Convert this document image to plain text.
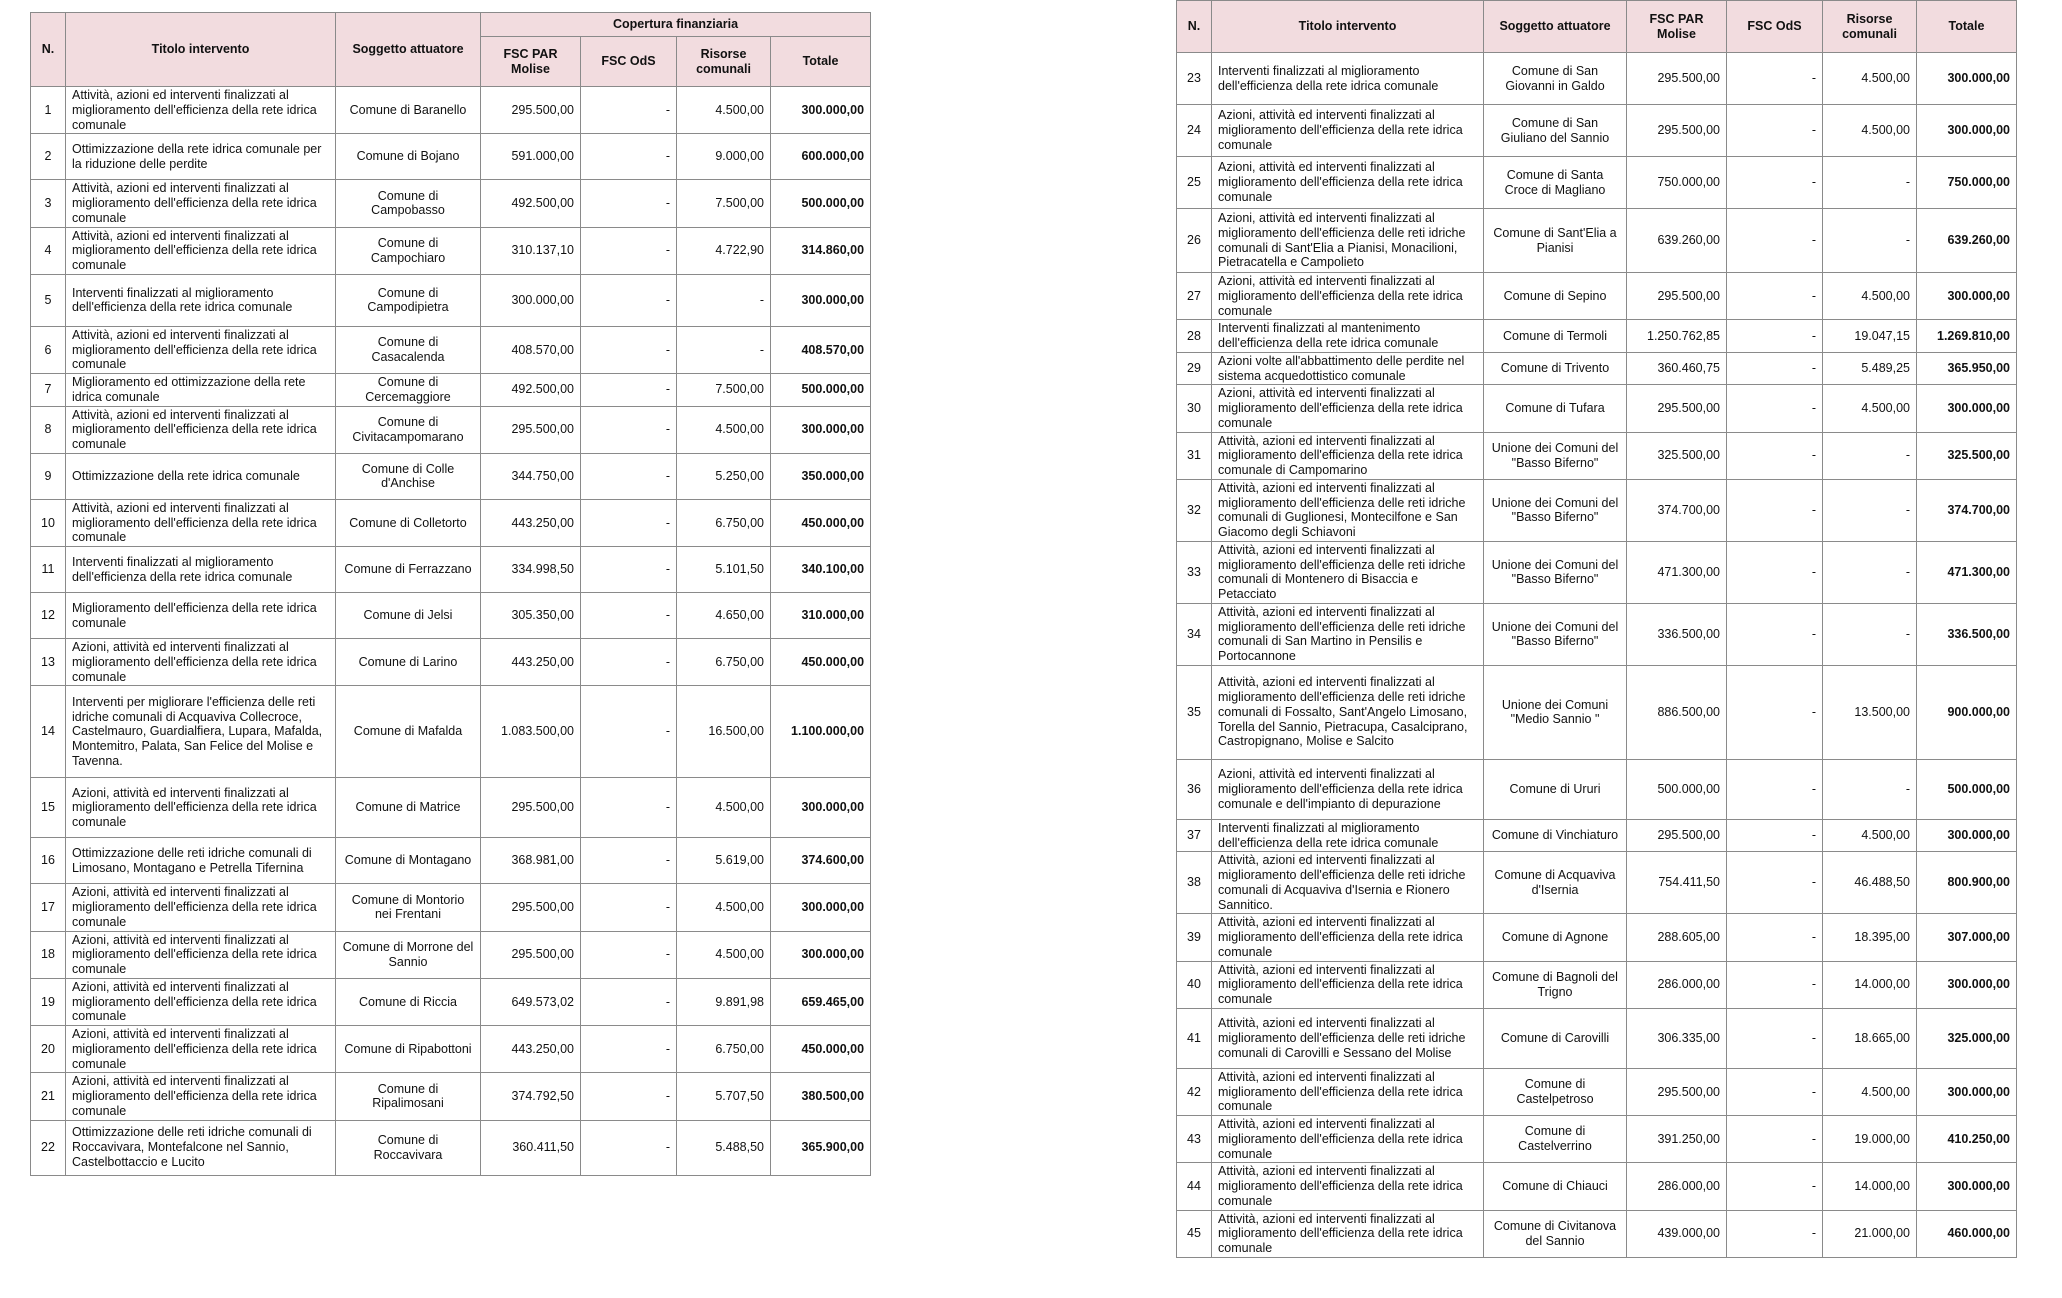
N.	Titolo intervento	Soggetto attuatore	Copertura finanziaria			
			FSC PAR Molise	FSC OdS	Risorse comunali	Totale
1	Attività, azioni ed interventi finalizzati al miglioramento dell'efficienza della rete idrica comunale	Comune di Baranello	295.500,00	-	4.500,00	300.000,00
2	Ottimizzazione della rete idrica comunale per la riduzione delle perdite	Comune di Bojano	591.000,00	-	9.000,00	600.000,00
3	Attività, azioni ed interventi finalizzati al miglioramento dell'efficienza della rete idrica comunale	Comune di Campobasso	492.500,00	-	7.500,00	500.000,00
4	Attività, azioni ed interventi finalizzati al miglioramento dell'efficienza della rete idrica comunale	Comune di Campochiaro	310.137,10	-	4.722,90	314.860,00
5	Interventi finalizzati al miglioramento dell'efficienza della rete idrica comunale	Comune di Campodipietra	300.000,00	-	-	300.000,00
6	Attività, azioni ed interventi finalizzati al miglioramento dell'efficienza della rete idrica comunale	Comune di Casacalenda	408.570,00	-	-	408.570,00
7	Miglioramento ed ottimizzazione della rete idrica comunale	Comune di Cercemaggiore	492.500,00	-	7.500,00	500.000,00
8	Attività, azioni ed interventi finalizzati al miglioramento dell'efficienza della rete idrica comunale	Comune di Civitacampomarano	295.500,00	-	4.500,00	300.000,00
9	Ottimizzazione della rete idrica comunale	Comune di Colle d'Anchise	344.750,00	-	5.250,00	350.000,00
10	Attività, azioni ed interventi finalizzati al miglioramento dell'efficienza della rete idrica comunale	Comune di Colletorto	443.250,00	-	6.750,00	450.000,00
11	Interventi finalizzati al miglioramento dell'efficienza della rete idrica comunale	Comune di Ferrazzano	334.998,50	-	5.101,50	340.100,00
12	Miglioramento dell'efficienza della rete idrica comunale	Comune di Jelsi	305.350,00	-	4.650,00	310.000,00
13	Azioni, attività ed interventi finalizzati al miglioramento dell'efficienza della rete idrica comunale	Comune di Larino	443.250,00	-	6.750,00	450.000,00
14	Interventi per migliorare l'efficienza delle reti idriche comunali di Acquaviva Collecroce, Castelmauro, Guardialfiera, Lupara, Mafalda, Montemitro, Palata, San Felice del Molise e Tavenna.	Comune di Mafalda	1.083.500,00	-	16.500,00	1.100.000,00
15	Azioni, attività ed interventi finalizzati al miglioramento dell'efficienza della rete idrica comunale	Comune di Matrice	295.500,00	-	4.500,00	300.000,00
16	Ottimizzazione delle reti idriche comunali di Limosano, Montagano e Petrella Tifernina	Comune di Montagano	368.981,00	-	5.619,00	374.600,00
17	Azioni, attività ed interventi finalizzati al miglioramento dell'efficienza della rete idrica comunale	Comune di Montorio nei Frentani	295.500,00	-	4.500,00	300.000,00
18	Azioni, attività ed interventi finalizzati al miglioramento dell'efficienza della rete idrica comunale	Comune di Morrone del Sannio	295.500,00	-	4.500,00	300.000,00
19	Azioni, attività ed interventi finalizzati al miglioramento dell'efficienza della rete idrica comunale	Comune di Riccia	649.573,02	-	9.891,98	659.465,00
20	Azioni, attività ed interventi finalizzati al miglioramento dell'efficienza della rete idrica comunale	Comune di Ripabottoni	443.250,00	-	6.750,00	450.000,00
21	Azioni, attività ed interventi finalizzati al miglioramento dell'efficienza della rete idrica comunale	Comune di Ripalimosani	374.792,50	-	5.707,50	380.500,00
22	Ottimizzazione delle reti idriche comunali di Roccavivara, Montefalcone nel Sannio, Castelbottaccio e Lucito	Comune di Roccavivara	360.411,50	-	5.488,50	365.900,00
N.	Titolo intervento	Soggetto attuatore	FSC PAR Molise	FSC OdS	Risorse comunali	Totale
23	Interventi finalizzati al miglioramento dell'efficienza della rete idrica comunale	Comune di San Giovanni in Galdo	295.500,00	-	4.500,00	300.000,00
24	Azioni, attività ed interventi finalizzati al miglioramento dell'efficienza della rete idrica comunale	Comune di San Giuliano del Sannio	295.500,00	-	4.500,00	300.000,00
25	Azioni, attività ed interventi finalizzati al miglioramento dell'efficienza della rete idrica comunale	Comune di Santa Croce di Magliano	750.000,00	-	-	750.000,00
26	Azioni, attività ed interventi finalizzati al miglioramento dell'efficienza delle reti idriche comunali di Sant'Elia a Pianisi, Monacilioni, Pietracatella e Campolieto	Comune di Sant'Elia a Pianisi	639.260,00	-	-	639.260,00
27	Azioni, attività ed interventi finalizzati al miglioramento dell'efficienza della rete idrica comunale	Comune di Sepino	295.500,00	-	4.500,00	300.000,00
28	Interventi finalizzati al mantenimento dell'efficienza della rete idrica comunale	Comune di Termoli	1.250.762,85	-	19.047,15	1.269.810,00
29	Azioni volte all'abbattimento delle perdite nel sistema acquedottistico comunale	Comune di Trivento	360.460,75	-	5.489,25	365.950,00
30	Azioni, attività ed interventi finalizzati al miglioramento dell'efficienza della rete idrica comunale	Comune di Tufara	295.500,00	-	4.500,00	300.000,00
31	Attività, azioni ed interventi finalizzati al miglioramento dell'efficienza della rete idrica comunale di Campomarino	Unione dei Comuni del "Basso Biferno"	325.500,00	-	-	325.500,00
32	Attività, azioni ed interventi finalizzati al miglioramento dell'efficienza delle reti idriche comunali di Guglionesi, Montecilfone e San Giacomo degli Schiavoni	Unione dei Comuni del "Basso Biferno"	374.700,00	-	-	374.700,00
33	Attività, azioni ed interventi finalizzati al miglioramento dell'efficienza delle reti idriche comunali di Montenero di Bisaccia e Petacciato	Unione dei Comuni del "Basso Biferno"	471.300,00	-	-	471.300,00
34	Attività, azioni ed interventi finalizzati al miglioramento dell'efficienza delle reti idriche comunali di San Martino in Pensilis e Portocannone	Unione dei Comuni del "Basso Biferno"	336.500,00	-	-	336.500,00
35	Attività, azioni ed interventi finalizzati al miglioramento dell'efficienza delle reti idriche comunali di Fossalto, Sant'Angelo Limosano, Torella del Sannio, Pietracupa, Casalciprano, Castropignano, Molise e Salcito	Unione dei Comuni "Medio Sannio "	886.500,00	-	13.500,00	900.000,00
36	Azioni, attività ed interventi finalizzati al miglioramento dell'efficienza della rete idrica comunale e dell'impianto di depurazione	Comune di Ururi	500.000,00	-	-	500.000,00
37	Interventi finalizzati al miglioramento dell'efficienza della rete idrica comunale	Comune di Vinchiaturo	295.500,00	-	4.500,00	300.000,00
38	Attività, azioni ed interventi finalizzati al miglioramento dell'efficienza delle reti idriche comunali di Acquaviva d'Isernia e Rionero Sannitico.	Comune di Acquaviva d'Isernia	754.411,50	-	46.488,50	800.900,00
39	Attività, azioni ed interventi finalizzati al miglioramento dell'efficienza della rete idrica comunale	Comune di Agnone	288.605,00	-	18.395,00	307.000,00
40	Attività, azioni ed interventi finalizzati al miglioramento dell'efficienza della rete idrica comunale	Comune di Bagnoli del Trigno	286.000,00	-	14.000,00	300.000,00
41	Attività, azioni ed interventi finalizzati al miglioramento dell'efficienza delle reti idriche comunali di Carovilli e Sessano del Molise	Comune di Carovilli	306.335,00	-	18.665,00	325.000,00
42	Attività, azioni ed interventi finalizzati al miglioramento dell'efficienza della rete idrica comunale	Comune di Castelpetroso	295.500,00	-	4.500,00	300.000,00
43	Attività, azioni ed interventi finalizzati al miglioramento dell'efficienza della rete idrica comunale	Comune di Castelverrino	391.250,00	-	19.000,00	410.250,00
44	Attività, azioni ed interventi finalizzati al miglioramento dell'efficienza della rete idrica comunale	Comune di Chiauci	286.000,00	-	14.000,00	300.000,00
45	Attività, azioni ed interventi finalizzati al miglioramento dell'efficienza della rete idrica comunale	Comune di Civitanova del Sannio	439.000,00	-	21.000,00	460.000,00
